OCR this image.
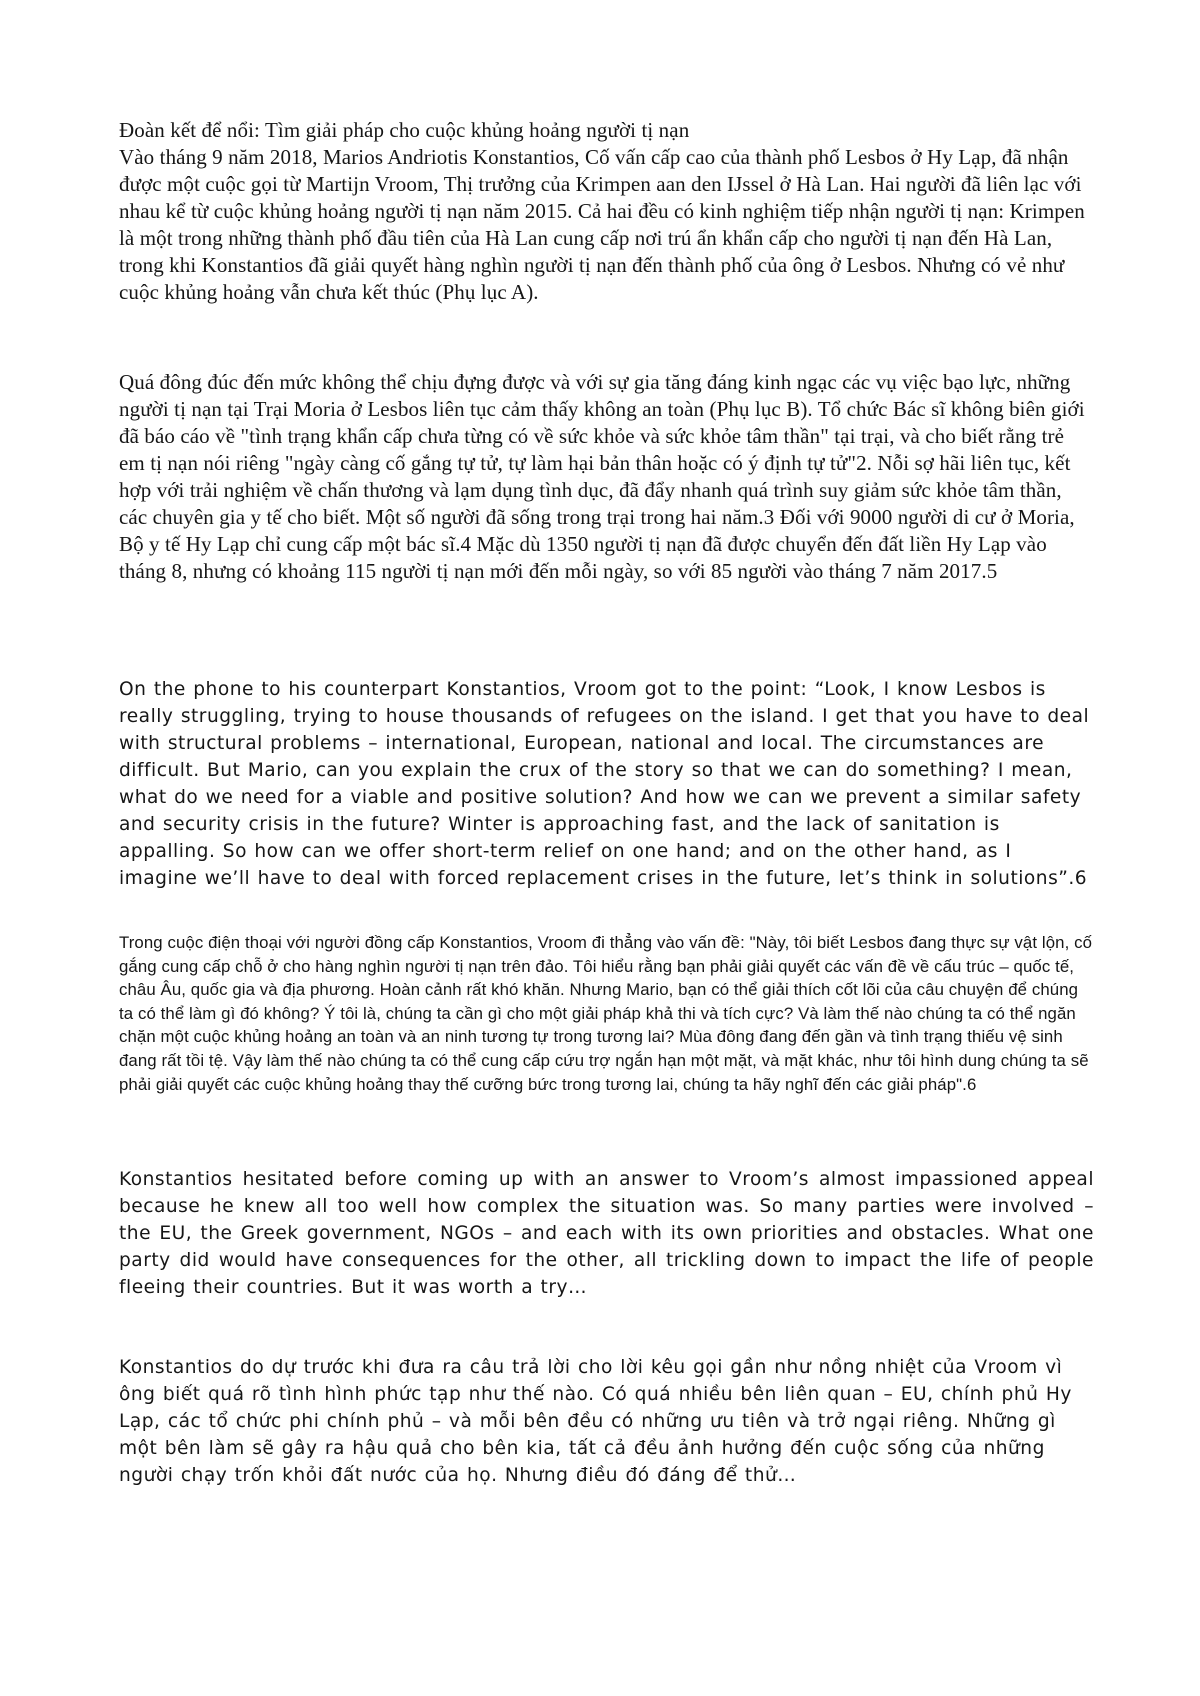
Đoàn kết để nổi: Tìm giải pháp cho cuộc khủng hoảng người tị nạn

Vào tháng 9 năm 2018, Marios Andriotis Konstantios, Cố vấn cấp cao của thành phố Lesbos ở Hy Lạp, đã nhận được một cuộc gọi từ Martijn Vroom, Thị trưởng của Krimpen aan den IJssel ở Hà Lan. Hai người đã liên lạc với nhau kể từ cuộc khủng hoảng người tị nạn năm 2015. Cả hai đều có kinh nghiệm tiếp nhận người tị nạn: Krimpen là một trong những thành phố đầu tiên của Hà Lan cung cấp nơi trú ẩn khẩn cấp cho người tị nạn đến Hà Lan, trong khi Konstantios đã giải quyết hàng nghìn người tị nạn đến thành phố của ông ở Lesbos. Nhưng có vẻ như cuộc khủng hoảng vẫn chưa kết thúc (Phụ lục A).

Quá đông đúc đến mức không thể chịu đựng được và với sự gia tăng đáng kinh ngạc các vụ việc bạo lực, những người tị nạn tại Trại Moria ở Lesbos liên tục cảm thấy không an toàn (Phụ lục B). Tổ chức Bác sĩ không biên giới đã báo cáo về "tình trạng khẩn cấp chưa từng có về sức khỏe và sức khỏe tâm thần" tại trại, và cho biết rằng trẻ em tị nạn nói riêng "ngày càng cố gắng tự tử, tự làm hại bản thân hoặc có ý định tự tử"2. Nỗi sợ hãi liên tục, kết hợp với trải nghiệm về chấn thương và lạm dụng tình dục, đã đẩy nhanh quá trình suy giảm sức khỏe tâm thần, các chuyên gia y tế cho biết. Một số người đã sống trong trại trong hai năm.3 Đối với 9000 người di cư ở Moria, Bộ y tế Hy Lạp chỉ cung cấp một bác sĩ.4 Mặc dù 1350 người tị nạn đã được chuyển đến đất liền Hy Lạp vào tháng 8, nhưng có khoảng 115 người tị nạn mới đến mỗi ngày, so với 85 người vào tháng 7 năm 2017.5

On the phone to his counterpart Konstantios, Vroom got to the point: “Look, I know Lesbos is really struggling, trying to house thousands of refugees on the island. I get that you have to deal with structural problems – international, European, national and local. The circumstances are difficult. But Mario, can you explain the crux of the story so that we can do something? I mean, what do we need for a viable and positive solution? And how we can we prevent a similar safety and security crisis in the future? Winter is approaching fast, and the lack of sanitation is appalling. So how can we offer short-term relief on one hand; and on the other hand, as I imagine we’ll have to deal with forced replacement crises in the future, let’s think in solutions”.6

Trong cuộc điện thoại với người đồng cấp Konstantios, Vroom đi thẳng vào vấn đề: "Này, tôi biết Lesbos đang thực sự vật lộn, cố gắng cung cấp chỗ ở cho hàng nghìn người tị nạn trên đảo. Tôi hiểu rằng bạn phải giải quyết các vấn đề về cấu trúc – quốc tế, châu Âu, quốc gia và địa phương. Hoàn cảnh rất khó khăn. Nhưng Mario, bạn có thể giải thích cốt lõi của câu chuyện để chúng ta có thể làm gì đó không? Ý tôi là, chúng ta cần gì cho một giải pháp khả thi và tích cực? Và làm thế nào chúng ta có thể ngăn chặn một cuộc khủng hoảng an toàn và an ninh tương tự trong tương lai? Mùa đông đang đến gần và tình trạng thiếu vệ sinh đang rất tồi tệ. Vậy làm thế nào chúng ta có thể cung cấp cứu trợ ngắn hạn một mặt, và mặt khác, như tôi hình dung chúng ta sẽ phải giải quyết các cuộc khủng hoảng thay thế cưỡng bức trong tương lai, chúng ta hãy nghĩ đến các giải pháp".6

Konstantios hesitated before coming up with an answer to Vroom’s almost impassioned appeal because he knew all too well how complex the situation was. So many parties were involved – the EU, the Greek government, NGOs – and each with its own priorities and obstacles. What one party did would have consequences for the other, all trickling down to impact the life of people fleeing their countries. But it was worth a try…

Konstantios do dự trước khi đưa ra câu trả lời cho lời kêu gọi gần như nồng nhiệt của Vroom vì ông biết quá rõ tình hình phức tạp như thế nào. Có quá nhiều bên liên quan – EU, chính phủ Hy Lạp, các tổ chức phi chính phủ – và mỗi bên đều có những ưu tiên và trở ngại riêng. Những gì một bên làm sẽ gây ra hậu quả cho bên kia, tất cả đều ảnh hưởng đến cuộc sống của những người chạy trốn khỏi đất nước của họ. Nhưng điều đó đáng để thử…
